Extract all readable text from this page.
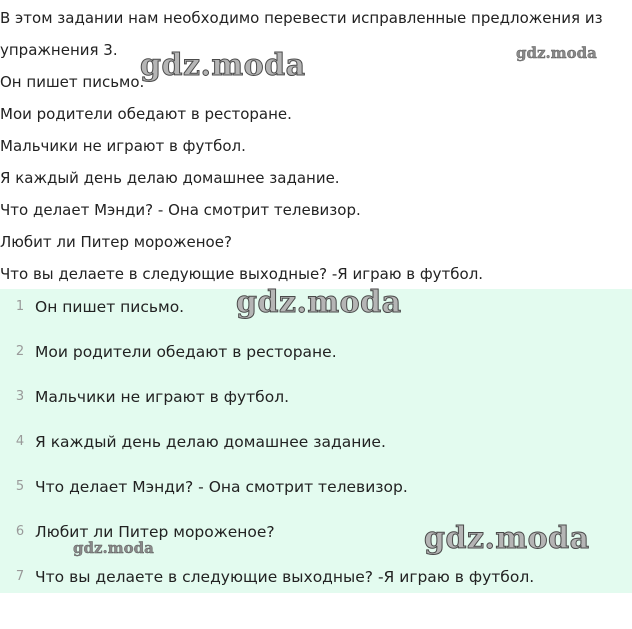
В этом задании нам необходимо перевести исправленные предложения из
упражнения 3.
Он пишет письмо.
Мои родители обедают в ресторане.
Мальчики не играют в футбол.
Я каждый день делаю домашнее задание.
Что делает Мэнди? - Она смотрит телевизор.
Любит ли Питер мороженое?
Что вы делаете в следующие выходные? -Я играю в футбол.
1 Он пишет письмо.
2 Мои родители обедают в ресторане.
3 Мальчики не играют в футбол.
4 Я каждый день делаю домашнее задание.
5 Что делает Мэнди? - Она смотрит телевизор.
6 Любит ли Питер мороженое?
7 Что вы делаете в следующие выходные? -Я играю в футбол.
gdz.moda	gdz.moda
gdz.moda
gdz.moda
gdz.moda
